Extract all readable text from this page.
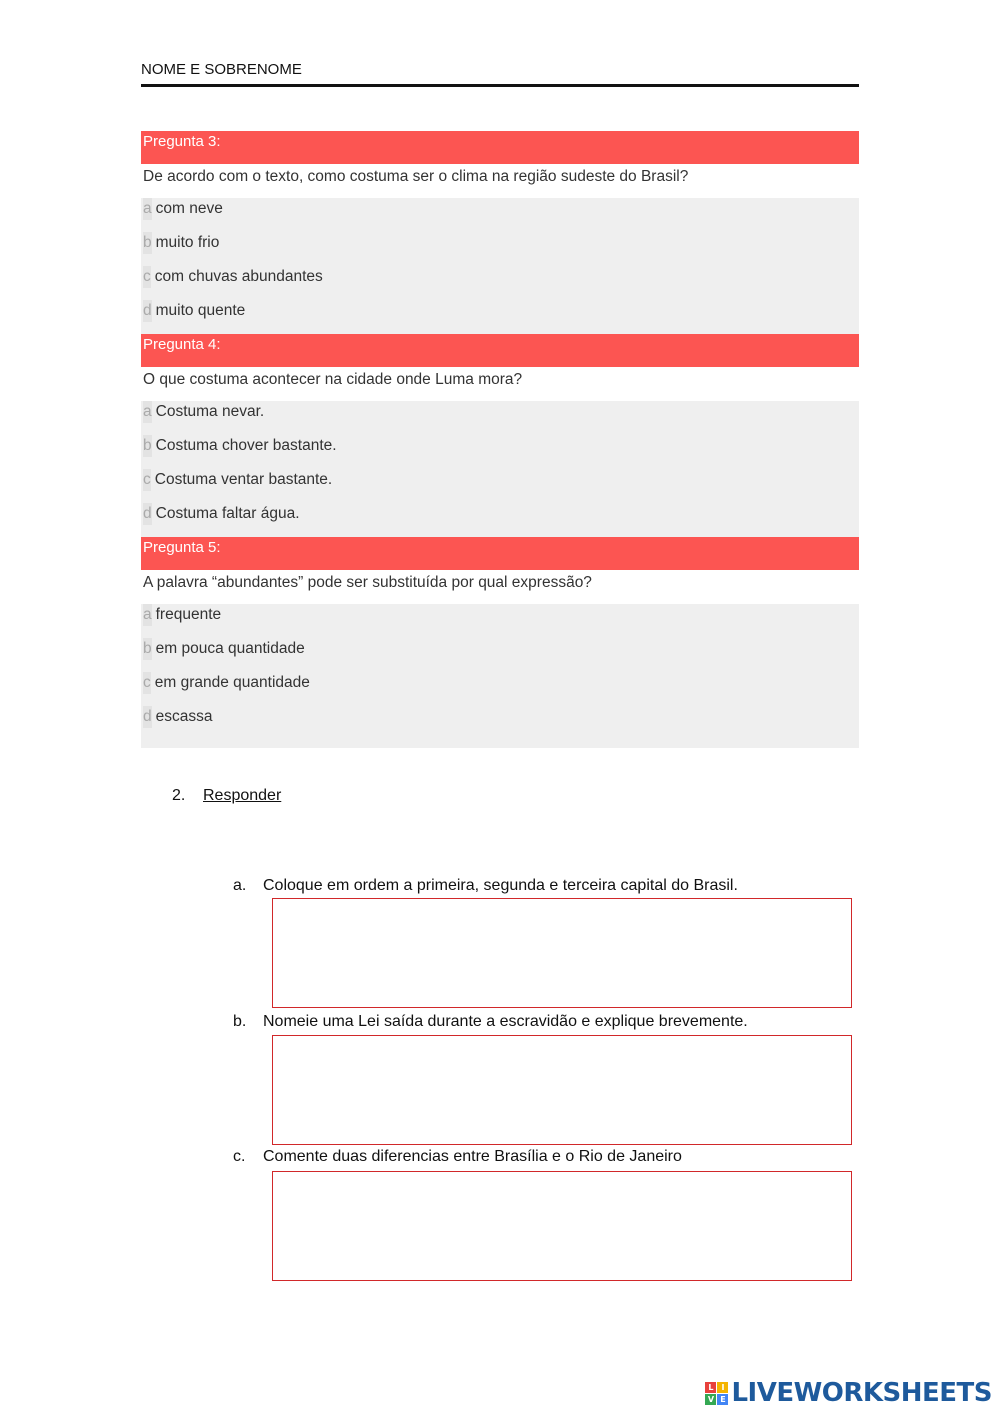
NOME E SOBRENOME
Pregunta 3:
De acordo com o texto, como costuma ser o clima na região sudeste do Brasil?
a com neve
b muito frio
c com chuvas abundantes
d muito quente
Pregunta 4:
O que costuma acontecer na cidade onde Luma mora?
a Costuma nevar.
b Costuma chover bastante.
c Costuma ventar bastante.
d Costuma faltar água.
Pregunta 5:
A palavra “abundantes” pode ser substituída por qual expressão?
a frequente
b em pouca quantidade
c em grande quantidade
d escassa
2. Responder
a. Coloque em ordem a primeira, segunda e terceira capital do Brasil.
b. Nomeie uma Lei saída durante a escravidão e explique brevemente.
c. Comente duas diferencias entre Brasília e o Rio de Janeiro
L I
V E LIVEWORKSHEETS
